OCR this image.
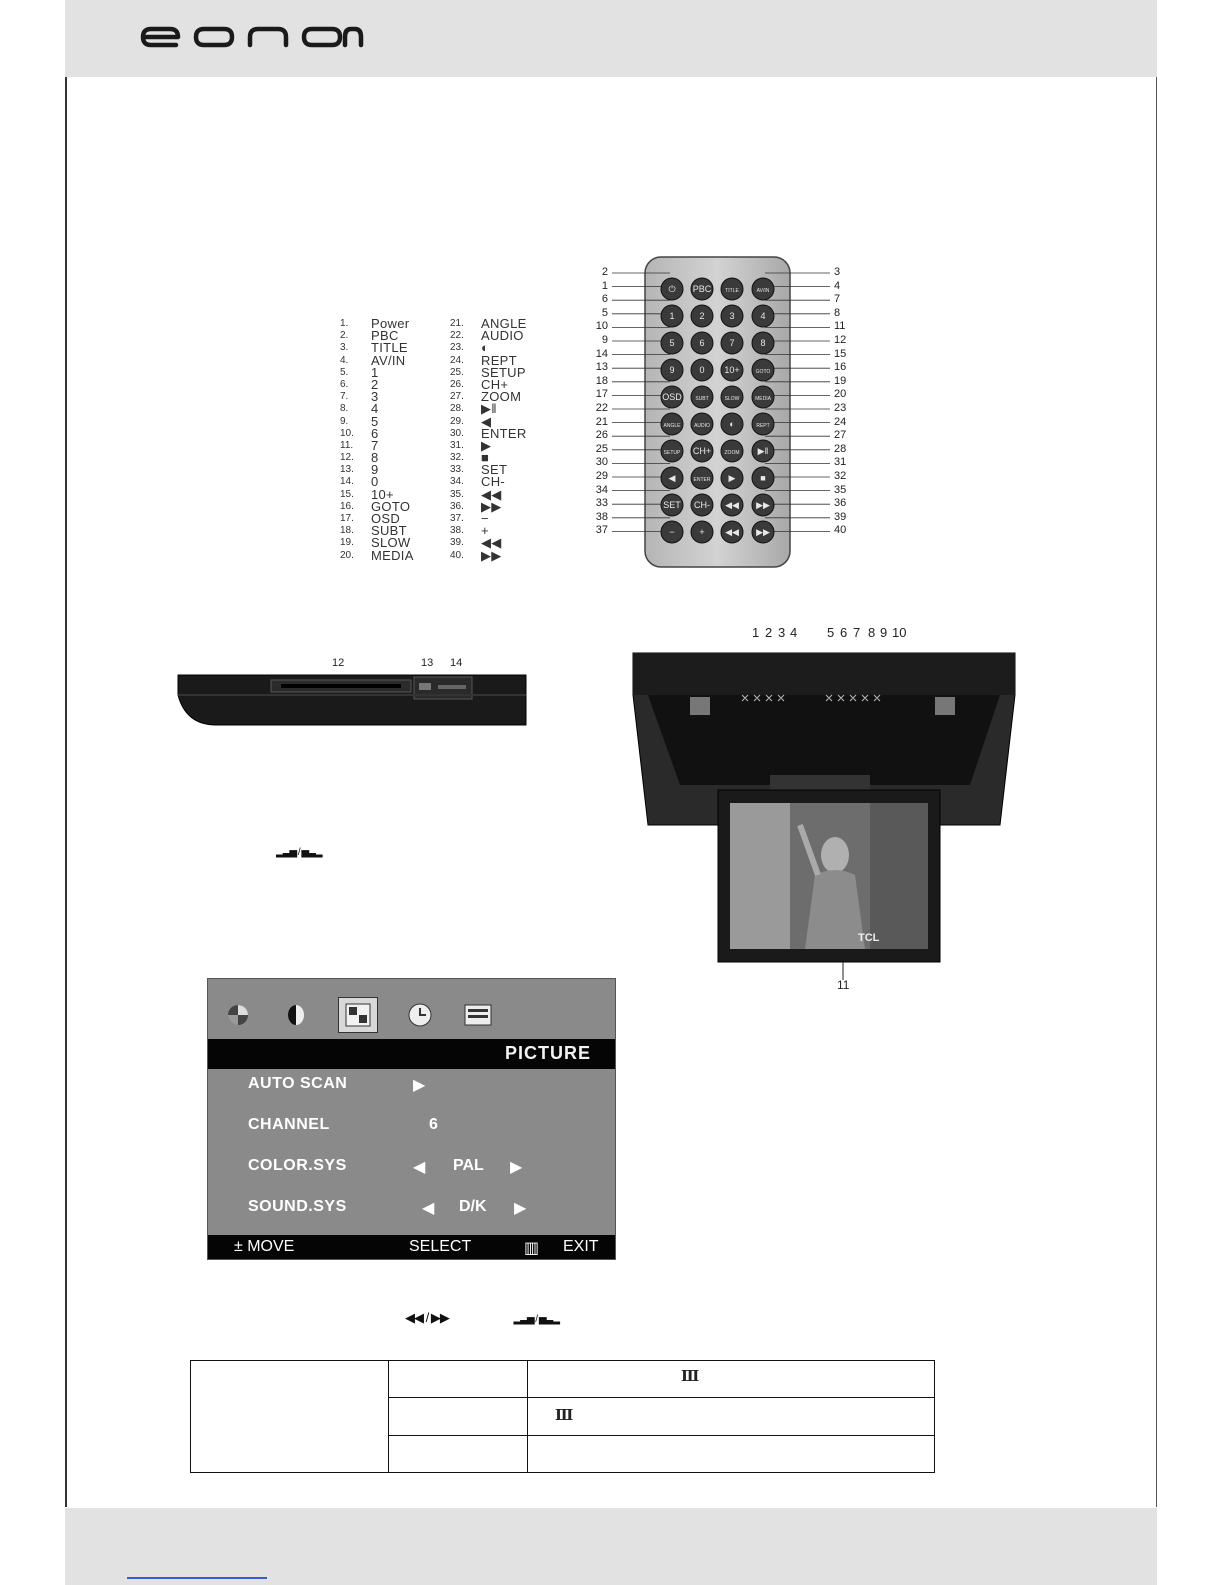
1.	Power
2.	PBC
3.	TITLE
4.	AV/IN
5.	1
6.	2
7.	3
8.	4
9.	5
10.	6
11.	7
12.	8
13.	9
14.	0
15.	10+
16.	GOTO
17.	OSD
18.	SUBT
19.	SLOW
20.	MEDIA
21.	ANGLE
22.	AUDIO
23.	◐
24.	REPT
25.	SETUP
26.	CH+
27.	ZOOM
28.	▶‖
29.	◀
30.	ENTER
31.	▶
32.	■
33.	SET
34.	CH-
35.	◀◀
36.	▶▶
37.	−
38.	+
39.	◀◀
40.	▶▶
⏻ PBC	TITLE	AV/IN
1	2	3	4
5	6	7	8
9	0 10+	GOTO
OSD	SUBT	SLOW	MEDIA
ANGLE	AUDIO ◐	REPT
SETUP CH+	ZOOM ▶‖
◀	ENTER ▶	■
SET CH- ◀◀ ▶▶
−	+ ◀◀ ▶▶
2
1
6
5
10
9
14
13
18
17
22
21
26
25
30
29
34
33
38
37
3
4
7
8
11
12
15
16
19
20
23
24
27
28
31
32
35
36
39
40
12	13 14
TCL
11
1 2 3 4 5 6 7 8 9 10
▂▃▅ / ▅▃▂
PICTURE
AUTO SCAN	▶
CHANNEL	6
COLOR.SYS	◀ PAL ▶
SOUND.SYS	◀ D/K ▶
± MOVE	SELECT	▥ EXIT
◀◀ / ▶▶	▂▃▅ / ▅▃▂

		Ⅲ

		Ⅲ
